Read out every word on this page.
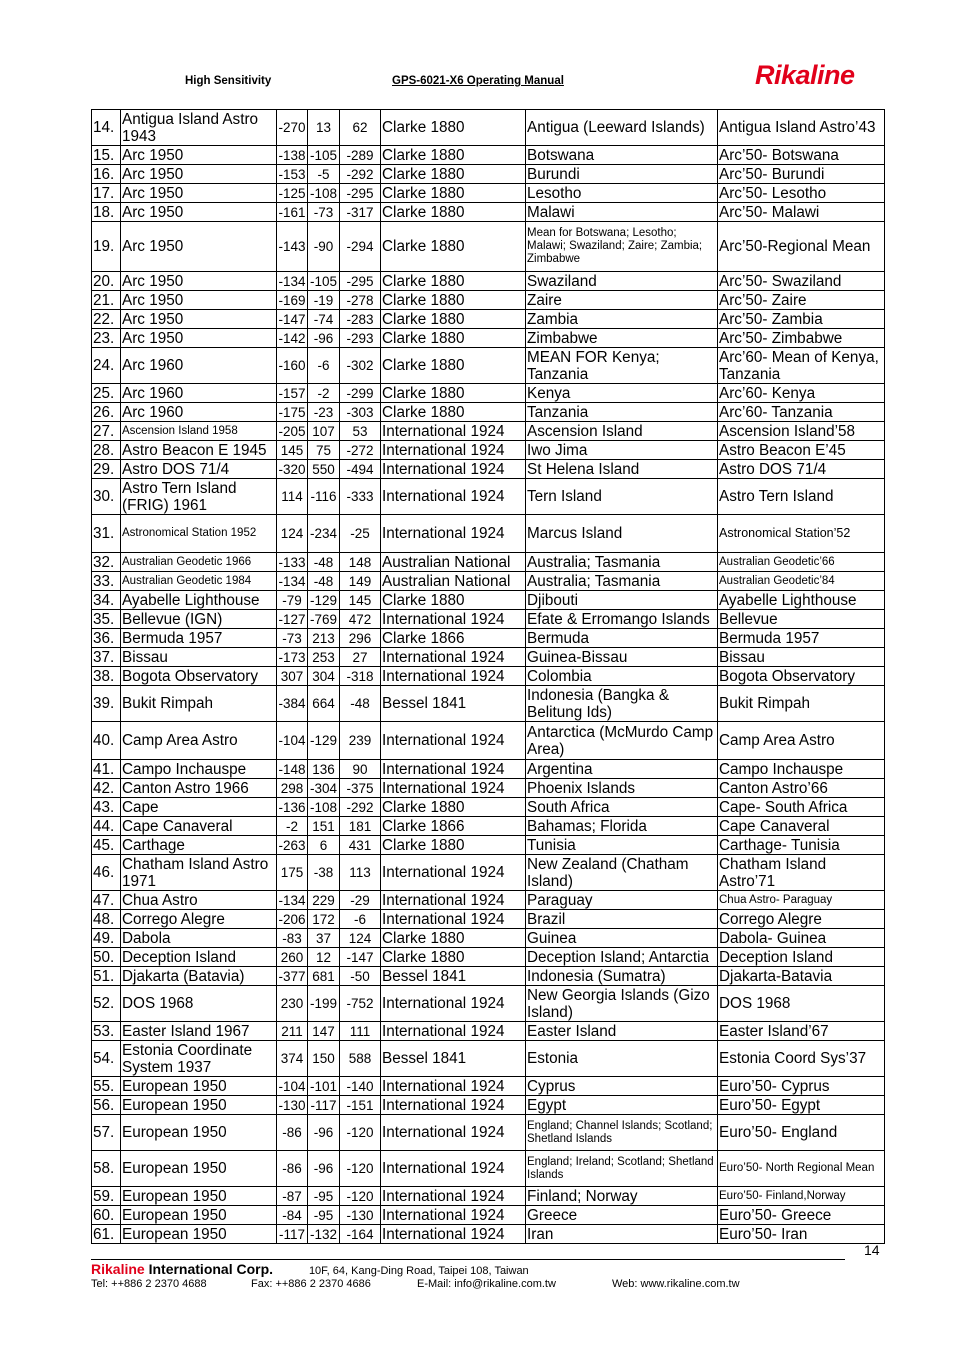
High Sensitivity	GPS-6021-X6 Operating Manual	Rikaline
14.	Antigua Island Astro 1943	-270	13	62	Clarke 1880	Antigua (Leeward Islands)	Antigua Island Astro’43
15.	Arc 1950	-138	-105	-289	Clarke 1880	Botswana	Arc’50- Botswana
16.	Arc 1950	-153	-5	-292	Clarke 1880	Burundi	Arc’50- Burundi
17.	Arc 1950	-125	-108	-295	Clarke 1880	Lesotho	Arc’50- Lesotho
18.	Arc 1950	-161	-73	-317	Clarke 1880	Malawi	Arc’50- Malawi
19.	Arc 1950	-143	-90	-294	Clarke 1880	Mean for Botswana; Lesotho; Malawi; Swaziland; Zaire; Zambia; Zimbabwe	Arc’50-Regional Mean
20.	Arc 1950	-134	-105	-295	Clarke 1880	Swaziland	Arc’50- Swaziland
21.	Arc 1950	-169	-19	-278	Clarke 1880	Zaire	Arc’50- Zaire
22.	Arc 1950	-147	-74	-283	Clarke 1880	Zambia	Arc’50- Zambia
23.	Arc 1950	-142	-96	-293	Clarke 1880	Zimbabwe	Arc’50- Zimbabwe
24.	Arc 1960	-160	-6	-302	Clarke 1880	MEAN FOR Kenya; Tanzania	Arc’60- Mean of Kenya, Tanzania
25.	Arc 1960	-157	-2	-299	Clarke 1880	Kenya	Arc’60- Kenya
26.	Arc 1960	-175	-23	-303	Clarke 1880	Tanzania	Arc’60- Tanzania
27.	Ascension Island 1958	-205	107	53	International 1924	Ascension Island	Ascension Island’58
28.	Astro Beacon E 1945	145	75	-272	International 1924	Iwo Jima	Astro Beacon E’45
29.	Astro DOS 71/4	-320	550	-494	International 1924	St Helena Island	Astro DOS 71/4
30.	Astro Tern Island (FRIG) 1961	114	-116	-333	International 1924	Tern Island	Astro Tern Island
31.	Astronomical Station 1952	124	-234	-25	International 1924	Marcus Island	Astronomical Station’52
32.	Australian Geodetic 1966	-133	-48	148	Australian National	Australia; Tasmania	Australian Geodetic’66
33.	Australian Geodetic 1984	-134	-48	149	Australian National	Australia; Tasmania	Australian Geodetic’84
34.	Ayabelle Lighthouse	-79	-129	145	Clarke 1880	Djibouti	Ayabelle Lighthouse
35.	Bellevue (IGN)	-127	-769	472	International 1924	Efate & Erromango Islands	Bellevue
36.	Bermuda 1957	-73	213	296	Clarke 1866	Bermuda	Bermuda 1957
37.	Bissau	-173	253	27	International 1924	Guinea-Bissau	Bissau
38.	Bogota Observatory	307	304	-318	International 1924	Colombia	Bogota Observatory
39.	Bukit Rimpah	-384	664	-48	Bessel 1841	Indonesia (Bangka & Belitung Ids)	Bukit Rimpah
40.	Camp Area Astro	-104	-129	239	International 1924	Antarctica (McMurdo Camp Area)	Camp Area Astro
41.	Campo Inchauspe	-148	136	90	International 1924	Argentina	Campo Inchauspe
42.	Canton Astro 1966	298	-304	-375	International 1924	Phoenix Islands	Canton Astro’66
43.	Cape	-136	-108	-292	Clarke 1880	South Africa	Cape- South Africa
44.	Cape Canaveral	-2	151	181	Clarke 1866	Bahamas; Florida	Cape Canaveral
45.	Carthage	-263	6	431	Clarke 1880	Tunisia	Carthage- Tunisia
46.	Chatham Island Astro 1971	175	-38	113	International 1924	New Zealand (Chatham Island)	Chatham Island Astro’71
47.	Chua Astro	-134	229	-29	International 1924	Paraguay	Chua Astro- Paraguay
48.	Corrego Alegre	-206	172	-6	International 1924	Brazil	Corrego Alegre
49.	Dabola	-83	37	124	Clarke 1880	Guinea	Dabola- Guinea
50.	Deception Island	260	12	-147	Clarke 1880	Deception Island; Antarctia	Deception Island
51.	Djakarta (Batavia)	-377	681	-50	Bessel 1841	Indonesia (Sumatra)	Djakarta-Batavia
52.	DOS 1968	230	-199	-752	International 1924	New Georgia Islands (Gizo Island)	DOS 1968
53.	Easter Island 1967	211	147	111	International 1924	Easter Island	Easter Island’67
54.	Estonia Coordinate System 1937	374	150	588	Bessel 1841	Estonia	Estonia Coord Sys’37
55.	European 1950	-104	-101	-140	International 1924	Cyprus	Euro’50- Cyprus
56.	European 1950	-130	-117	-151	International 1924	Egypt	Euro’50- Egypt
57.	European 1950	-86	-96	-120	International 1924	England; Channel Islands; Scotland; Shetland Islands	Euro’50- England
58.	European 1950	-86	-96	-120	International 1924	England; Ireland; Scotland; Shetland Islands	Euro’50- North Regional Mean
59.	European 1950	-87	-95	-120	International 1924	Finland; Norway	Euro’50- Finland,Norway
60.	European 1950	-84	-95	-130	International 1924	Greece	Euro’50- Greece
61.	European 1950	-117	-132	-164	International 1924	Iran	Euro’50- Iran
14
Rikaline International Corp.	10F, 64, Kang-Ding Road, Taipei 108, Taiwan
Tel: ++886 2 2370 4688	Fax: ++886 2 2370 4686	E-Mail: info@rikaline.com.tw	Web: www.rikaline.com.tw
